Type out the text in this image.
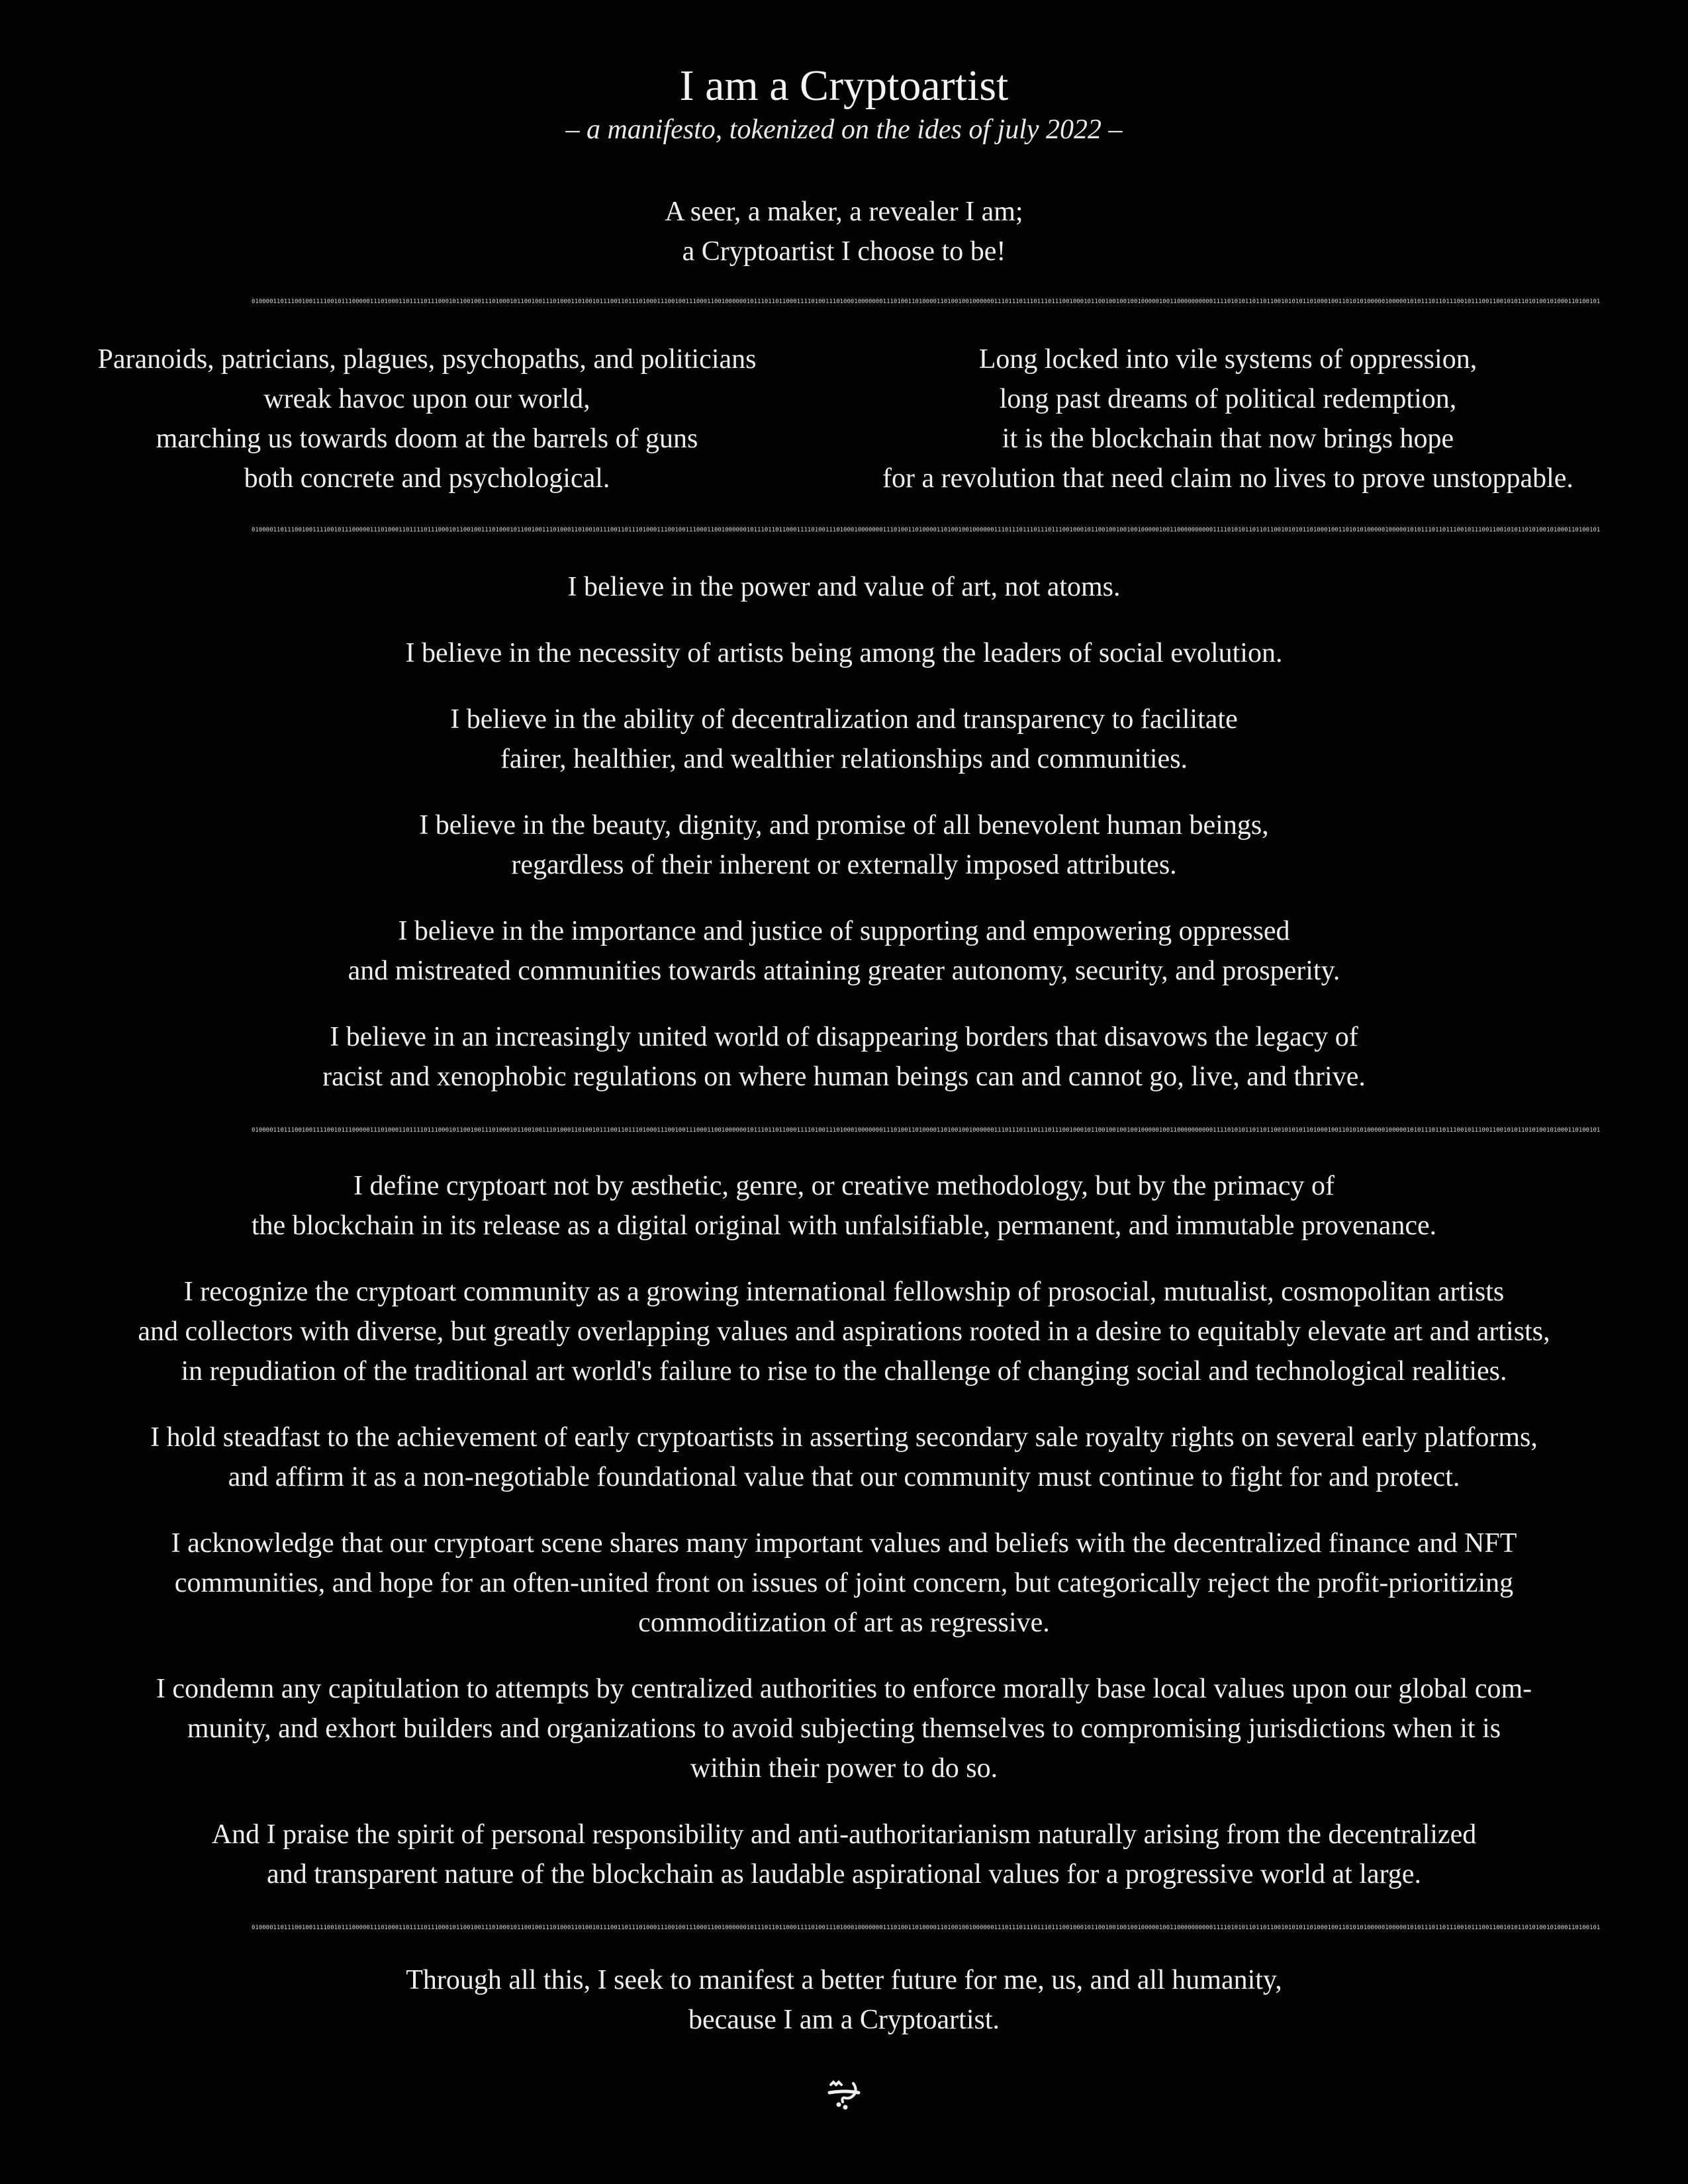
I am a Cryptoartist
– a manifesto, tokenized on the ides of july 2022 –
A seer, a maker, a revealer I am;
a Cryptoartist I choose to be!
0100001101110010011110010111000001110100011011110111000101100100111010001011001001110100011010010111001101110100011100100111000110010000001011101101100011110100111010001000000011101001101000011010010010000001110111011101110111001000101100100100100100000100110000000000111101010110110110010101011010001001101010100000100000101011101101110010111001100101011010100101000110100101
Paranoids, patricians, plagues, psychopaths, and politicians
wreak havoc upon our world,
marching us towards doom at the barrels of guns
both concrete and psychological.
Long locked into vile systems of oppression,
long past dreams of political redemption,
it is the blockchain that now brings hope
for a revolution that need claim no lives to prove unstoppable.
0100001101110010011110010111000001110100011011110111000101100100111010001011001001110100011010010111001101110100011100100111000110010000001011101101100011110100111010001000000011101001101000011010010010000001110111011101110111001000101100100100100100000100110000000000111101010110110110010101011010001001101010100000100000101011101101110010111001100101011010100101000110100101
I believe in the power and value of art, not atoms.
I believe in the necessity of artists being among the leaders of social evolution.
I believe in the ability of decentralization and transparency to facilitate
fairer, healthier, and wealthier relationships and communities.
I believe in the beauty, dignity, and promise of all benevolent human beings,
regardless of their inherent or externally imposed attributes.
I believe in the importance and justice of supporting and empowering oppressed
and mistreated communities towards attaining greater autonomy, security, and prosperity.
I believe in an increasingly united world of disappearing borders that disavows the legacy of
racist and xenophobic regulations on where human beings can and cannot go, live, and thrive.
0100001101110010011110010111000001110100011011110111000101100100111010001011001001110100011010010111001101110100011100100111000110010000001011101101100011110100111010001000000011101001101000011010010010000001110111011101110111001000101100100100100100000100110000000000111101010110110110010101011010001001101010100000100000101011101101110010111001100101011010100101000110100101
I define cryptoart not by æsthetic, genre, or creative methodology, but by the primacy of
the blockchain in its release as a digital original with unfalsifiable, permanent, and immutable provenance.
I recognize the cryptoart community as a growing international fellowship of prosocial, mutualist, cosmopolitan artists
and collectors with diverse, but greatly overlapping values and aspirations rooted in a desire to equitably elevate art and artists,
in repudiation of the traditional art world's failure to rise to the challenge of changing social and technological realities.
I hold steadfast to the achievement of early cryptoartists in asserting secondary sale royalty rights on several early platforms,
and affirm it as a non-negotiable foundational value that our community must continue to fight for and protect.
I acknowledge that our cryptoart scene shares many important values and beliefs with the decentralized finance and NFT
communities, and hope for an often-united front on issues of joint concern, but categorically reject the profit-prioritizing
commoditization of art as regressive.
I condemn any capitulation to attempts by centralized authorities to enforce morally base local values upon our global com-
munity, and exhort builders and organizations to avoid subjecting themselves to compromising jurisdictions when it is
within their power to do so.
And I praise the spirit of personal responsibility and anti-authoritarianism naturally arising from the decentralized
and transparent nature of the blockchain as laudable aspirational values for a progressive world at large.
0100001101110010011110010111000001110100011011110111000101100100111010001011001001110100011010010111001101110100011100100111000110010000001011101101100011110100111010001000000011101001101000011010010010000001110111011101110111001000101100100100100100000100110000000000111101010110110110010101011010001001101010100000100000101011101101110010111001100101011010100101000110100101
Through all this, I seek to manifest a better future for me, us, and all humanity,
because I am a Cryptoartist.
